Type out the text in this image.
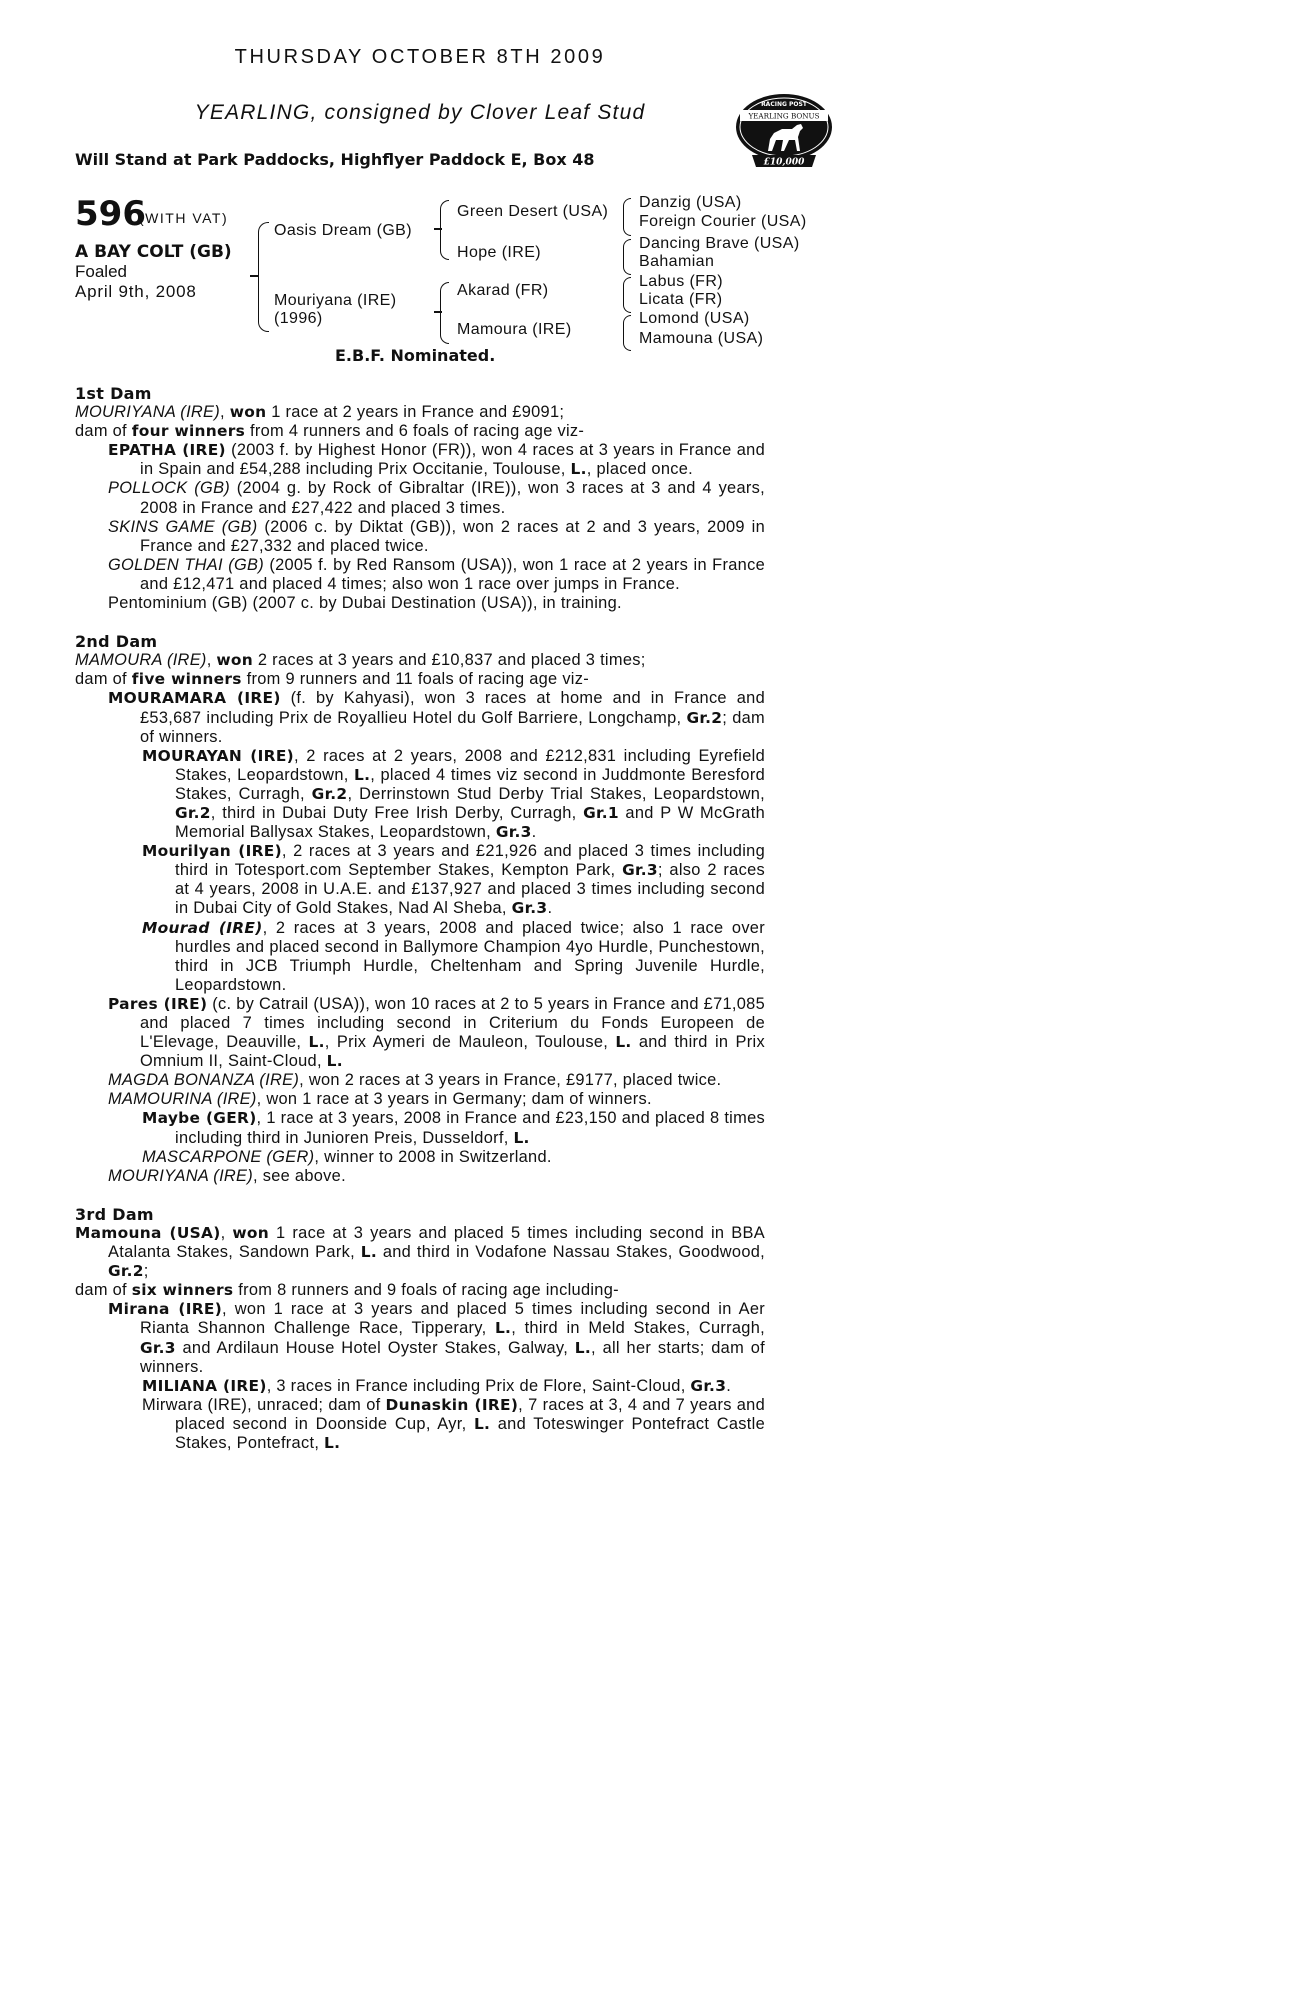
THURSDAY OCTOBER 8TH 2009
YEARLING, consigned by Clover Leaf Stud
Will Stand at Park Paddocks, Highflyer Paddock E, Box 48
RACING POST
YEARLING BONUS
£10,000
596
(WITH VAT)
A BAY COLT (GB)
Foaled
April 9th, 2008
Oasis Dream (GB)
Mouriyana (IRE)
(1996)
Green Desert (USA)
Hope (IRE)
Akarad (FR)
Mamoura (IRE)
Danzig (USA)
Foreign Courier (USA)
Dancing Brave (USA)
Bahamian
Labus (FR)
Licata (FR)
Lomond (USA)
Mamouna (USA)
E.B.F. Nominated.
1st Dam

MOURIYANA (IRE), won 1 race at 2 years in France and £9091;

dam of four winners from 4 runners and 6 foals of racing age viz-

EPATHA (IRE) (2003 f. by Highest Honor (FR)), won 4 races at 3 years in France and in Spain and £54,288 including Prix Occitanie, Toulouse, L., placed once.

POLLOCK (GB) (2004 g. by Rock of Gibraltar (IRE)), won 3 races at 3 and 4 years, 2008 in France and £27,422 and placed 3 times.

SKINS GAME (GB) (2006 c. by Diktat (GB)), won 2 races at 2 and 3 years, 2009 in France and £27,332 and placed twice.

GOLDEN THAI (GB) (2005 f. by Red Ransom (USA)), won 1 race at 2 years in France and £12,471 and placed 4 times; also won 1 race over jumps in France.

Pentominium (GB) (2007 c. by Dubai Destination (USA)), in training.

2nd Dam

MAMOURA (IRE), won 2 races at 3 years and £10,837 and placed 3 times;

dam of five winners from 9 runners and 11 foals of racing age viz-

MOURAMARA (IRE) (f. by Kahyasi), won 3 races at home and in France and £53,687 including Prix de Royallieu Hotel du Golf Barriere, Longchamp, Gr.2; dam of winners.

MOURAYAN (IRE), 2 races at 2 years, 2008 and £212,831 including Eyrefield Stakes, Leopardstown, L., placed 4 times viz second in Juddmonte Beresford Stakes, Curragh, Gr.2, Derrinstown Stud Derby Trial Stakes, Leopardstown, Gr.2, third in Dubai Duty Free Irish Derby, Curragh, Gr.1 and P W McGrath Memorial Ballysax Stakes, Leopardstown, Gr.3.

Mourilyan (IRE), 2 races at 3 years and £21,926 and placed 3 times including third in Totesport.com September Stakes, Kempton Park, Gr.3; also 2 races at 4 years, 2008 in U.A.E. and £137,927 and placed 3 times including second in Dubai City of Gold Stakes, Nad Al Sheba, Gr.3.

Mourad (IRE), 2 races at 3 years, 2008 and placed twice; also 1 race over hurdles and placed second in Ballymore Champion 4yo Hurdle, Punchestown, third in JCB Triumph Hurdle, Cheltenham and Spring Juvenile Hurdle, Leopardstown.

Pares (IRE) (c. by Catrail (USA)), won 10 races at 2 to 5 years in France and £71,085 and placed 7 times including second in Criterium du Fonds Europeen de L'Elevage, Deauville, L., Prix Aymeri de Mauleon, Toulouse, L. and third in Prix Omnium II, Saint-Cloud, L.

MAGDA BONANZA (IRE), won 2 races at 3 years in France, £9177, placed twice.

MAMOURINA (IRE), won 1 race at 3 years in Germany; dam of winners.

Maybe (GER), 1 race at 3 years, 2008 in France and £23,150 and placed 8 times including third in Junioren Preis, Dusseldorf, L.

MASCARPONE (GER), winner to 2008 in Switzerland.

MOURIYANA (IRE), see above.

3rd Dam

Mamouna (USA), won 1 race at 3 years and placed 5 times including second in BBA Atalanta Stakes, Sandown Park, L. and third in Vodafone Nassau Stakes, Goodwood, Gr.2;

dam of six winners from 8 runners and 9 foals of racing age including-

Mirana (IRE), won 1 race at 3 years and placed 5 times including second in Aer Rianta Shannon Challenge Race, Tipperary, L., third in Meld Stakes, Curragh, Gr.3 and Ardilaun House Hotel Oyster Stakes, Galway, L., all her starts; dam of winners.

MILIANA (IRE), 3 races in France including Prix de Flore, Saint-Cloud, Gr.3.

Mirwara (IRE), unraced; dam of Dunaskin (IRE), 7 races at 3, 4 and 7 years and placed second in Doonside Cup, Ayr, L. and Toteswinger Pontefract Castle Stakes, Pontefract, L.
